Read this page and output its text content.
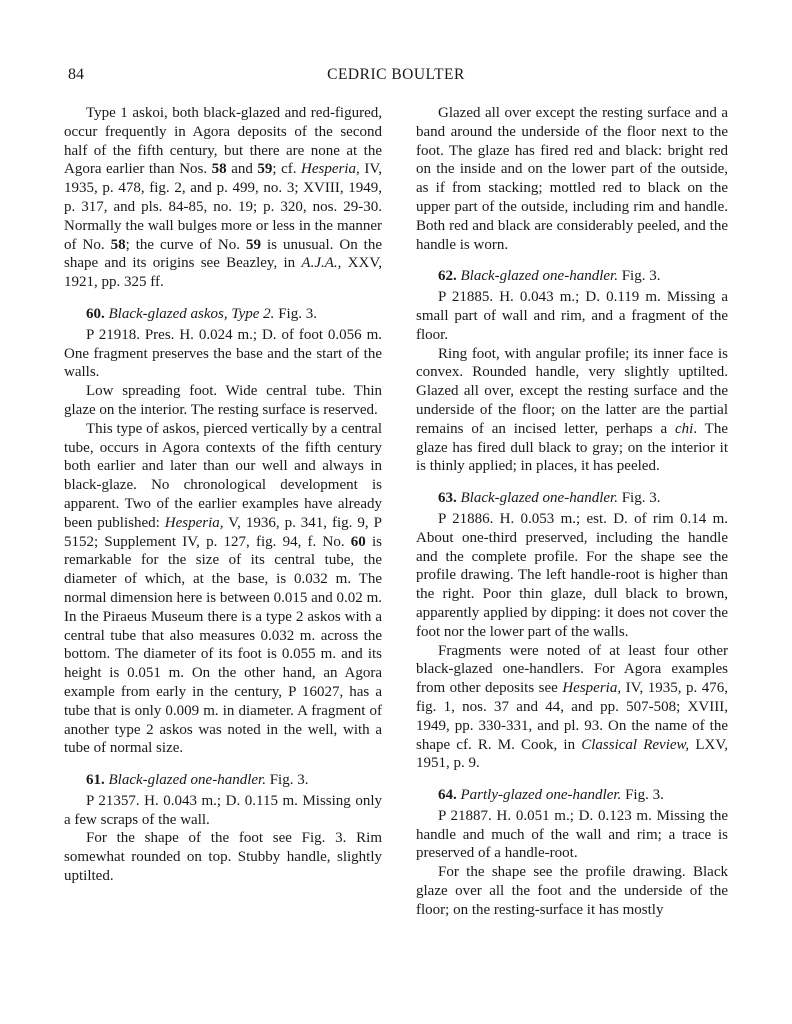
84	CEDRIC BOULTER

Type 1 askoi, both black-glazed and red-figured, occur frequently in Agora deposits of the second half of the fifth century, but there are none at the Agora earlier than Nos. 58 and 59; cf. Hesperia, IV, 1935, p. 478, fig. 2, and p. 499, no. 3; XVIII, 1949, p. 317, and pls. 84-85, no. 19; p. 320, nos. 29-30. Normally the wall bulges more or less in the manner of No. 58; the curve of No. 59 is unusual. On the shape and its origins see Beazley, in A.J.A., XXV, 1921, pp. 325 ff.

60. Black-glazed askos, Type 2. Fig. 3.

P 21918. Pres. H. 0.024 m.; D. of foot 0.056 m. One fragment preserves the base and the start of the walls.

Low spreading foot. Wide central tube. Thin glaze on the interior. The resting surface is reserved.

This type of askos, pierced vertically by a central tube, occurs in Agora contexts of the fifth century both earlier and later than our well and always in black-glaze. No chronological development is apparent. Two of the earlier examples have already been published: Hesperia, V, 1936, p. 341, fig. 9, P 5152; Supplement IV, p. 127, fig. 94, f. No. 60 is remarkable for the size of its central tube, the diameter of which, at the base, is 0.032 m. The normal dimension here is between 0.015 and 0.02 m. In the Piraeus Museum there is a type 2 askos with a central tube that also measures 0.032 m. across the bottom. The diameter of its foot is 0.055 m. and its height is 0.051 m. On the other hand, an Agora example from early in the century, P 16027, has a tube that is only 0.009 m. in diameter. A fragment of another type 2 askos was noted in the well, with a tube of normal size.

61. Black-glazed one-handler. Fig. 3.

P 21357. H. 0.043 m.; D. 0.115 m. Missing only a few scraps of the wall.

For the shape of the foot see Fig. 3. Rim somewhat rounded on top. Stubby handle, slightly uptilted.

Glazed all over except the resting surface and a band around the underside of the floor next to the foot. The glaze has fired red and black: bright red on the inside and on the lower part of the outside, as if from stacking; mottled red to black on the upper part of the outside, including rim and handle. Both red and black are considerably peeled, and the handle is worn.

62. Black-glazed one-handler. Fig. 3.

P 21885. H. 0.043 m.; D. 0.119 m. Missing a small part of wall and rim, and a fragment of the floor.

Ring foot, with angular profile; its inner face is convex. Rounded handle, very slightly uptilted. Glazed all over, except the resting surface and the underside of the floor; on the latter are the partial remains of an incised letter, perhaps a chi. The glaze has fired dull black to gray; on the interior it is thinly applied; in places, it has peeled.

63. Black-glazed one-handler. Fig. 3.

P 21886. H. 0.053 m.; est. D. of rim 0.14 m. About one-third preserved, including the handle and the complete profile. For the shape see the profile drawing. The left handle-root is higher than the right. Poor thin glaze, dull black to brown, apparently applied by dipping: it does not cover the foot nor the lower part of the walls.

Fragments were noted of at least four other black-glazed one-handlers. For Agora examples from other deposits see Hesperia, IV, 1935, p. 476, fig. 1, nos. 37 and 44, and pp. 507-508; XVIII, 1949, pp. 330-331, and pl. 93. On the name of the shape cf. R. M. Cook, in Classical Review, LXV, 1951, p. 9.

64. Partly-glazed one-handler. Fig. 3.

P 21887. H. 0.051 m.; D. 0.123 m. Missing the handle and much of the wall and rim; a trace is preserved of a handle-root.

For the shape see the profile drawing. Black glaze over all the foot and the underside of the floor; on the resting-surface it has mostly
